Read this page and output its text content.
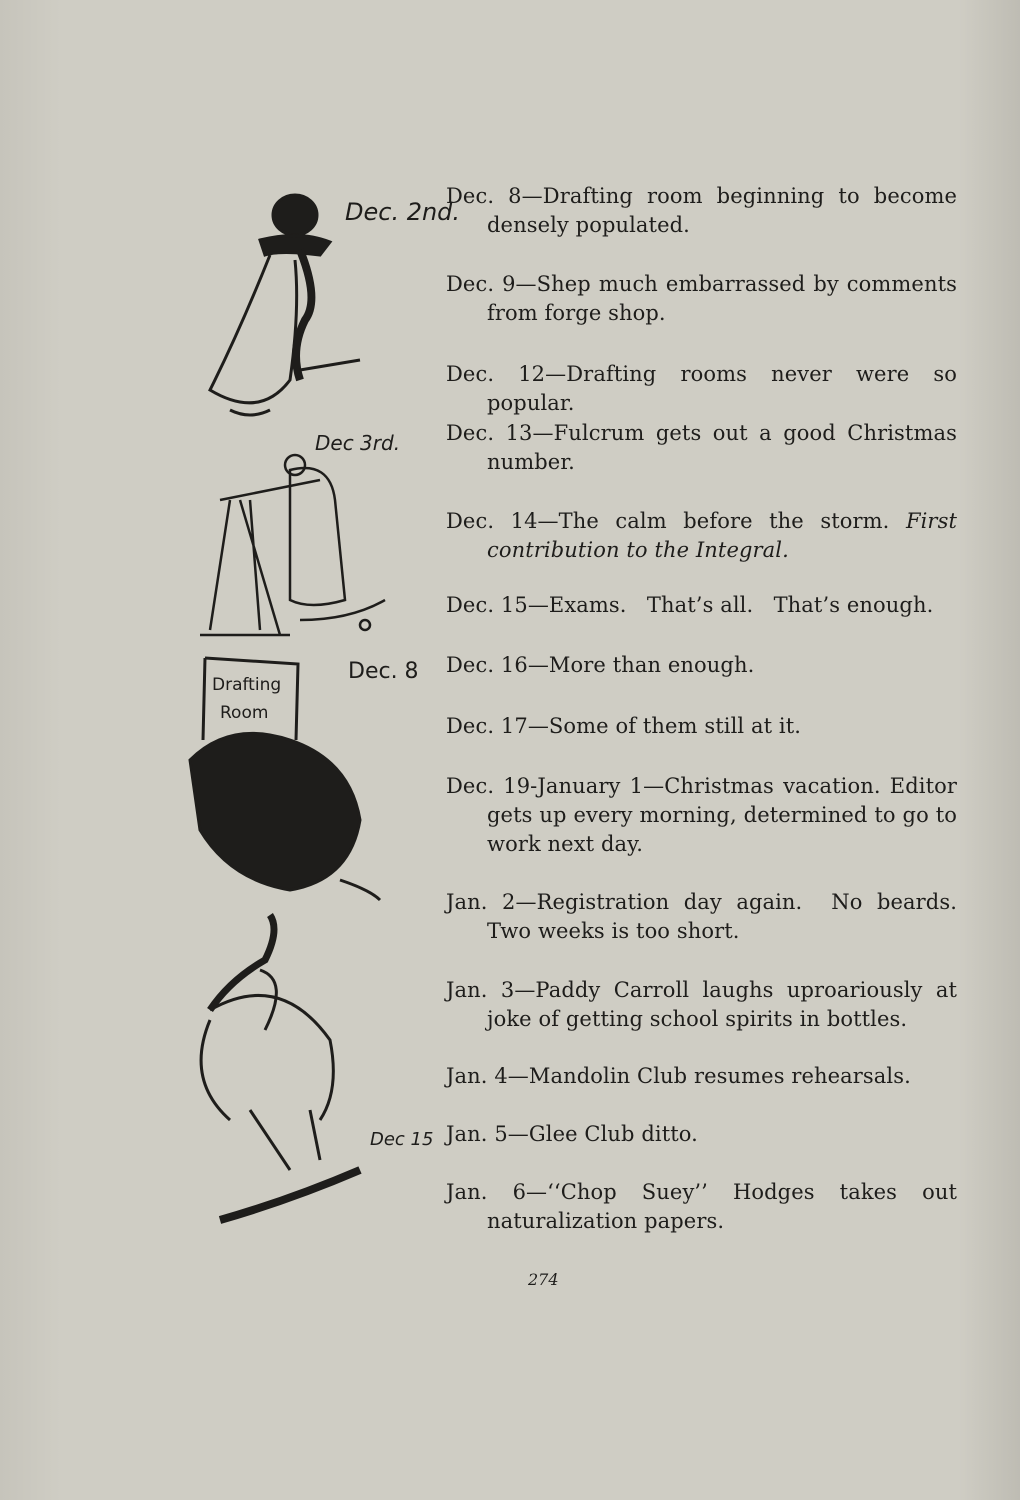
Dec. 2nd.
Dec 3rd.
Drafting
Room
Dec. 8
Dec 15
Dec. 8—Drafting room beginning to become densely populated.
Dec. 9—Shep much embarrassed by comments from forge shop.
Dec. 12—Drafting rooms never were so popular.
Dec. 13—Fulcrum gets out a good Christmas number.
Dec. 14—The calm before the storm. First contribution to the Integral.
Dec. 15—Exams.   That’s all.   That’s enough.
Dec. 16—More than enough.
Dec. 17—Some of them still at it.
Dec. 19-January 1—Christmas vacation. Editor gets up every morning, determined to go to work next day.
Jan. 2—Registration day again.  No beards. Two weeks is too short.
Jan. 3—Paddy Carroll laughs uproariously at joke of getting school spirits in bottles.
Jan. 4—Mandolin Club resumes rehearsals.
Jan. 5—Glee Club ditto.
Jan. 6—‘‘Chop Suey’’ Hodges takes out naturalization papers.
274
